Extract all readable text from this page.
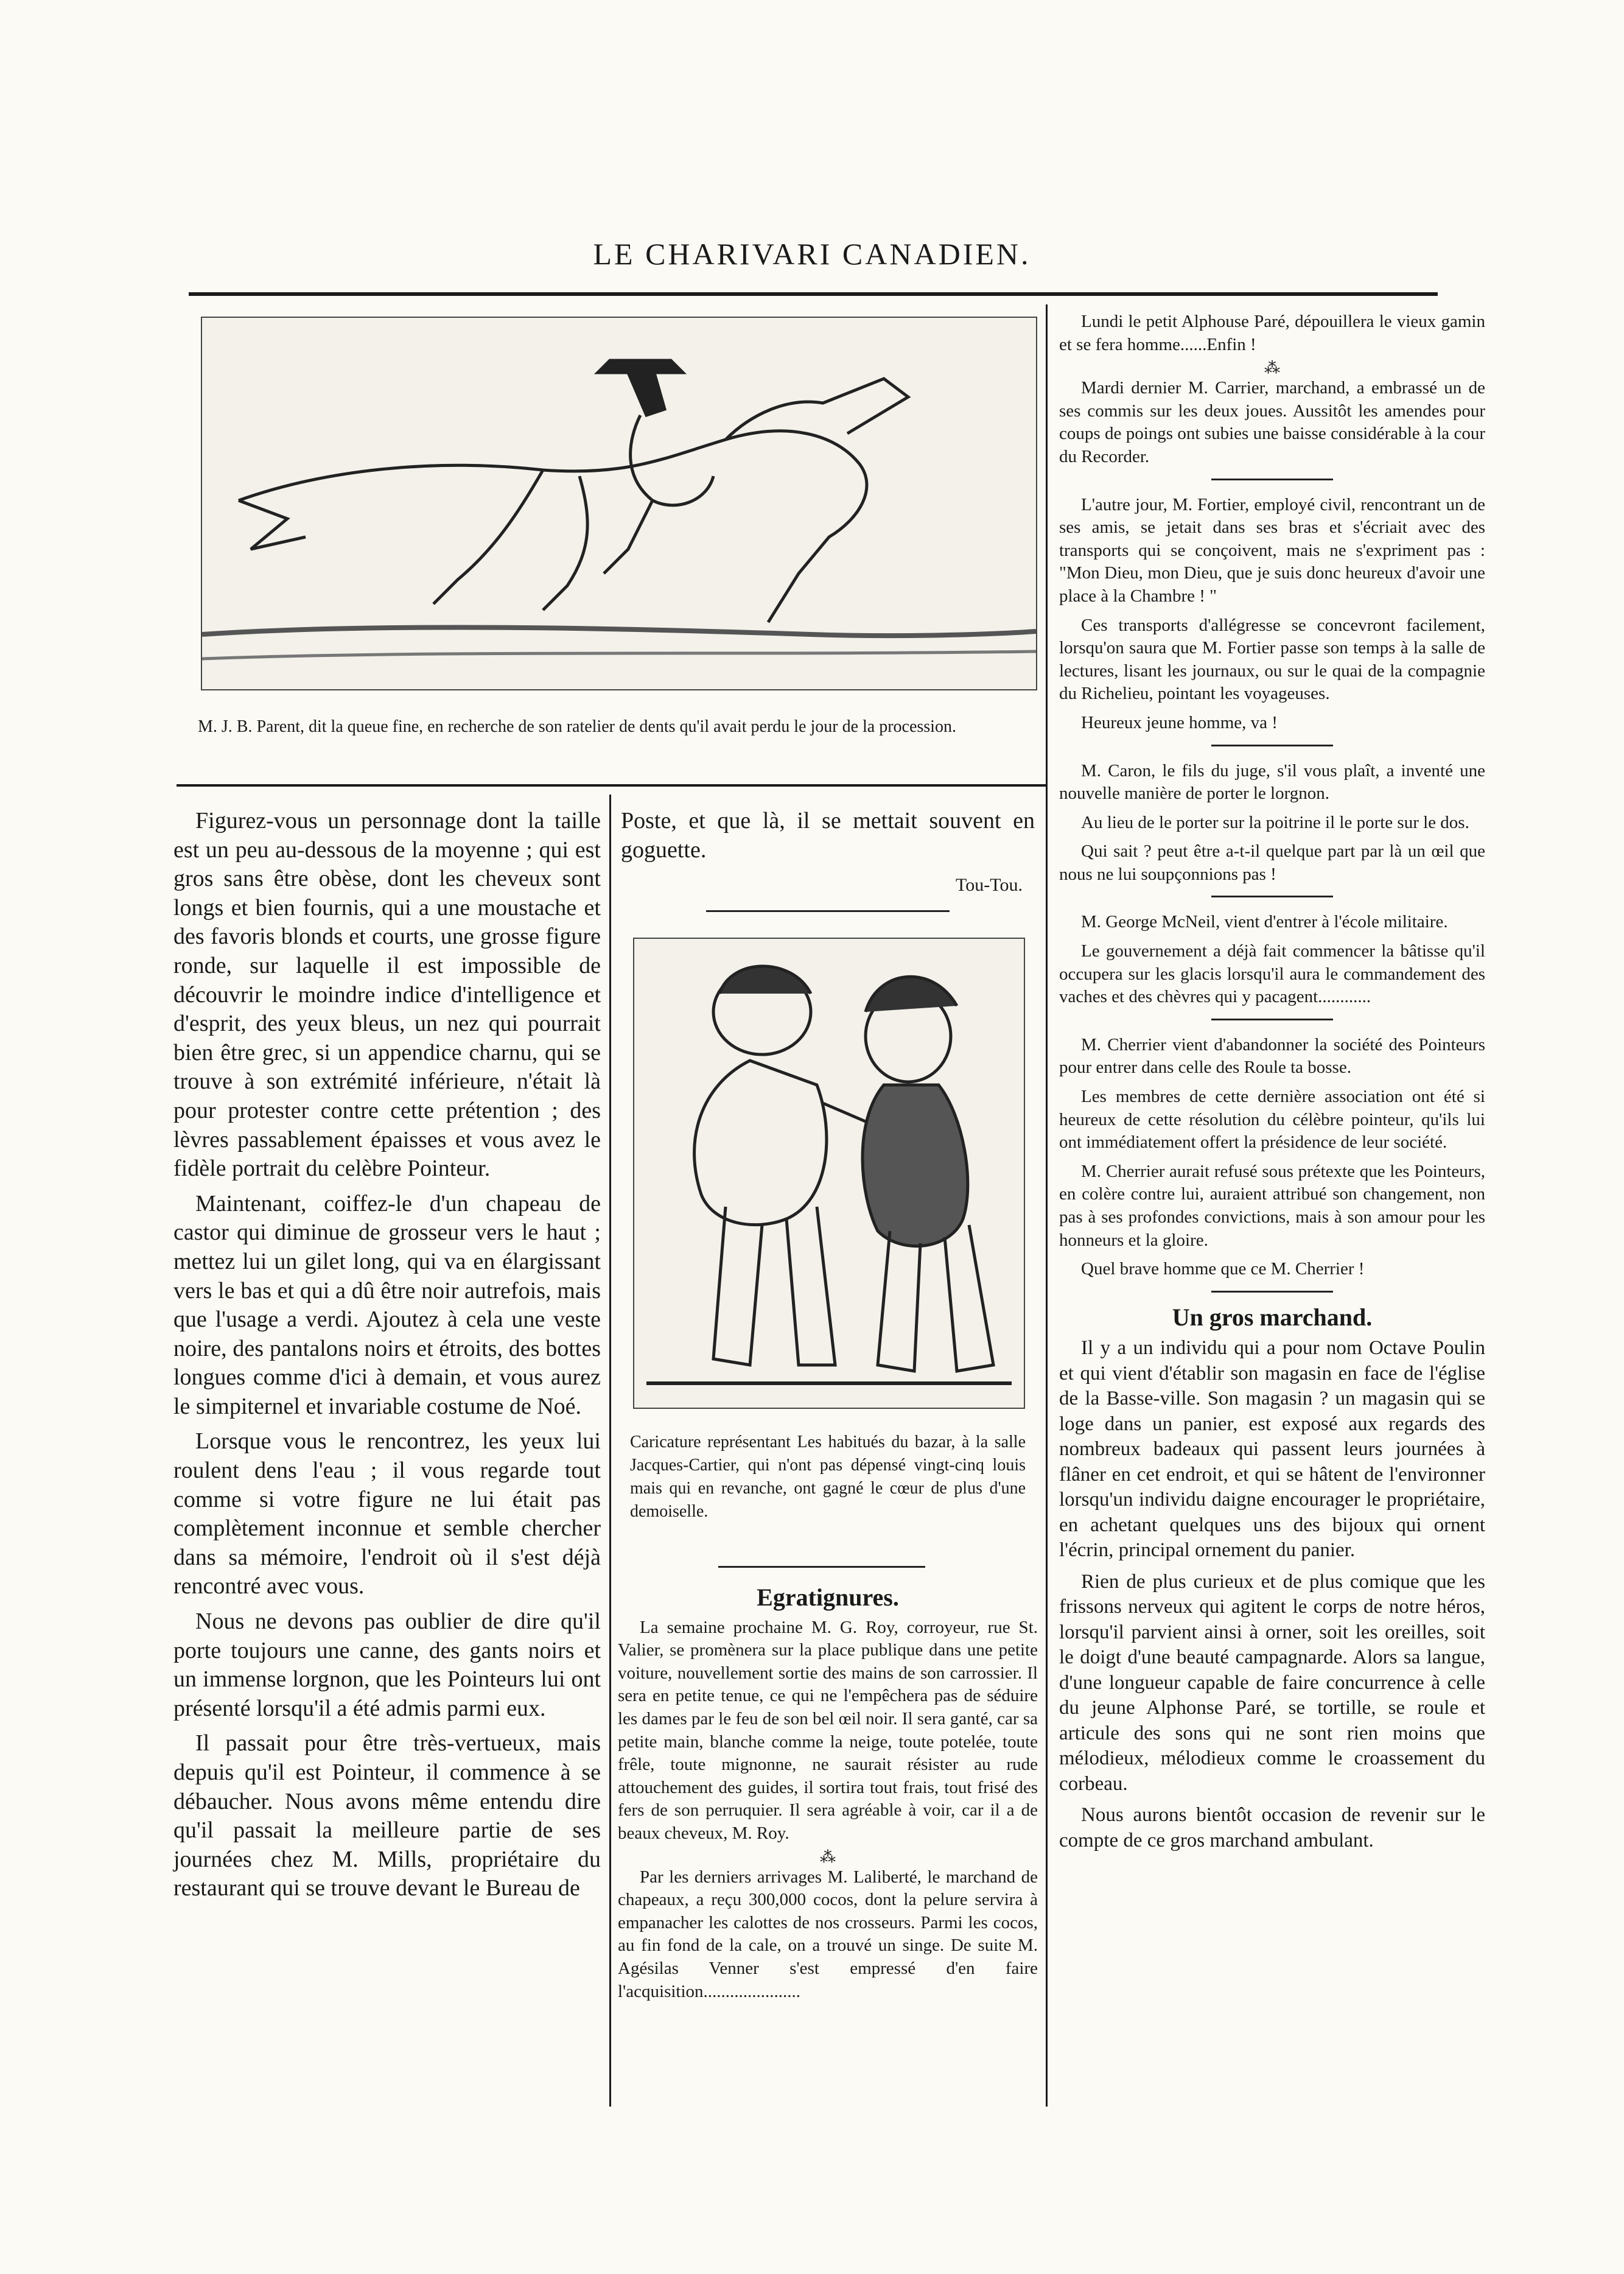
LE CHARIVARI CANADIEN.
M. J. B. Parent, dit la queue fine, en recherche de son ratelier de dents qu'il avait perdu le jour de la procession.

Figurez-vous un personnage dont la taille est un peu au-dessous de la moyenne ; qui est gros sans être obèse, dont les cheveux sont longs et bien fournis, qui a une moustache et des favoris blonds et courts, une grosse figure ronde, sur laquelle il est impossible de découvrir le moindre indice d'intelligence et d'esprit, des yeux bleus, un nez qui pourrait bien être grec, si un appendice charnu, qui se trouve à son extrémité inférieure, n'était là pour protester contre cette prétention ; des lèvres passablement épaisses et vous avez le fidèle portrait du celèbre Pointeur.

Maintenant, coiffez-le d'un chapeau de castor qui diminue de grosseur vers le haut ; mettez lui un gilet long, qui va en élargissant vers le bas et qui a dû être noir autrefois, mais que l'usage a verdi. Ajoutez à cela une veste noire, des pantalons noirs et étroits, des bottes longues comme d'ici à demain, et vous aurez le simpiternel et invariable costume de Noé.

Lorsque vous le rencontrez, les yeux lui roulent dens l'eau ; il vous regarde tout comme si votre figure ne lui était pas complètement inconnue et semble chercher dans sa mémoire, l'endroit où il s'est déjà rencontré avec vous.

Nous ne devons pas oublier de dire qu'il porte toujours une canne, des gants noirs et un immense lorgnon, que les Pointeurs lui ont présenté lorsqu'il a été admis parmi eux.

Il passait pour être très-vertueux, mais depuis qu'il est Pointeur, il commence à se débaucher. Nous avons même entendu dire qu'il passait la meilleure partie de ses journées chez M. Mills, propriétaire du restaurant qui se trouve devant le Bureau de

Poste, et que là, il se mettait souvent en goguette.

Tou-Tou.
Caricature représentant Les habitués du bazar, à la salle Jacques-Cartier, qui n'ont pas dépensé vingt-cinq louis mais qui en revanche, ont gagné le cœur de plus d'une demoiselle.
Egratignures.

La semaine prochaine M. G. Roy, corroyeur, rue St. Valier, se promènera sur la place publique dans une petite voiture, nouvellement sortie des mains de son carrossier. Il sera en petite tenue, ce qui ne l'empêchera pas de séduire les dames par le feu de son bel œil noir. Il sera ganté, car sa petite main, blanche comme la neige, toute potelée, toute frêle, toute mignonne, ne saurait résister au rude attouchement des guides, il sortira tout frais, tout frisé des fers de son perruquier. Il sera agréable à voir, car il a de beaux cheveux, M. Roy.

⁂

Par les derniers arrivages M. Laliberté, le marchand de chapeaux, a reçu 300,000 cocos, dont la pelure servira à empanacher les calottes de nos crosseurs. Parmi les cocos, au fin fond de la cale, on a trouvé un singe. De suite M. Agésilas Venner s'est empressé d'en faire l'acquisition......................

Lundi le petit Alphouse Paré, dépouillera le vieux gamin et se fera homme......Enfin !

⁂

Mardi dernier M. Carrier, marchand, a embrassé un de ses commis sur les deux joues. Aussitôt les amendes pour coups de poings ont subies une baisse considérable à la cour du Recorder.

L'autre jour, M. Fortier, employé civil, rencontrant un de ses amis, se jetait dans ses bras et s'écriait avec des transports qui se conçoivent, mais ne s'expriment pas : "Mon Dieu, mon Dieu, que je suis donc heureux d'avoir une place à la Chambre ! "

Ces transports d'allégresse se concevront facilement, lorsqu'on saura que M. Fortier passe son temps à la salle de lectures, lisant les journaux, ou sur le quai de la compagnie du Richelieu, pointant les voyageuses.

Heureux jeune homme, va !

M. Caron, le fils du juge, s'il vous plaît, a inventé une nouvelle manière de porter le lorgnon.

Au lieu de le porter sur la poitrine il le porte sur le dos.

Qui sait ? peut être a-t-il quelque part par là un œil que nous ne lui soupçonnions pas !

M. George McNeil, vient d'entrer à l'école militaire.

Le gouvernement a déjà fait commencer la bâtisse qu'il occupera sur les glacis lorsqu'il aura le commandement des vaches et des chèvres qui y pacagent............

M. Cherrier vient d'abandonner la société des Pointeurs pour entrer dans celle des Roule ta bosse.

Les membres de cette dernière association ont été si heureux de cette résolution du célèbre pointeur, qu'ils lui ont immédiatement offert la présidence de leur société.

M. Cherrier aurait refusé sous prétexte que les Pointeurs, en colère contre lui, auraient attribué son changement, non pas à ses profondes convictions, mais à son amour pour les honneurs et la gloire.

Quel brave homme que ce M. Cherrier !

Un gros marchand.

Il y a un individu qui a pour nom Octave Poulin et qui vient d'établir son magasin en face de l'église de la Basse-ville. Son magasin ? un magasin qui se loge dans un panier, est exposé aux regards des nombreux badeaux qui passent leurs journées à flâner en cet endroit, et qui se hâtent de l'environner lorsqu'un individu daigne encourager le propriétaire, en achetant quelques uns des bijoux qui ornent l'écrin, principal ornement du panier.

Rien de plus curieux et de plus comique que les frissons nerveux qui agitent le corps de notre héros, lorsqu'il parvient ainsi à orner, soit les oreilles, soit le doigt d'une beauté campagnarde. Alors sa langue, d'une longueur capable de faire concurrence à celle du jeune Alphonse Paré, se tortille, se roule et articule des sons qui ne sont rien moins que mélodieux, mélodieux comme le croassement du corbeau.

Nous aurons bientôt occasion de revenir sur le compte de ce gros marchand ambulant.
